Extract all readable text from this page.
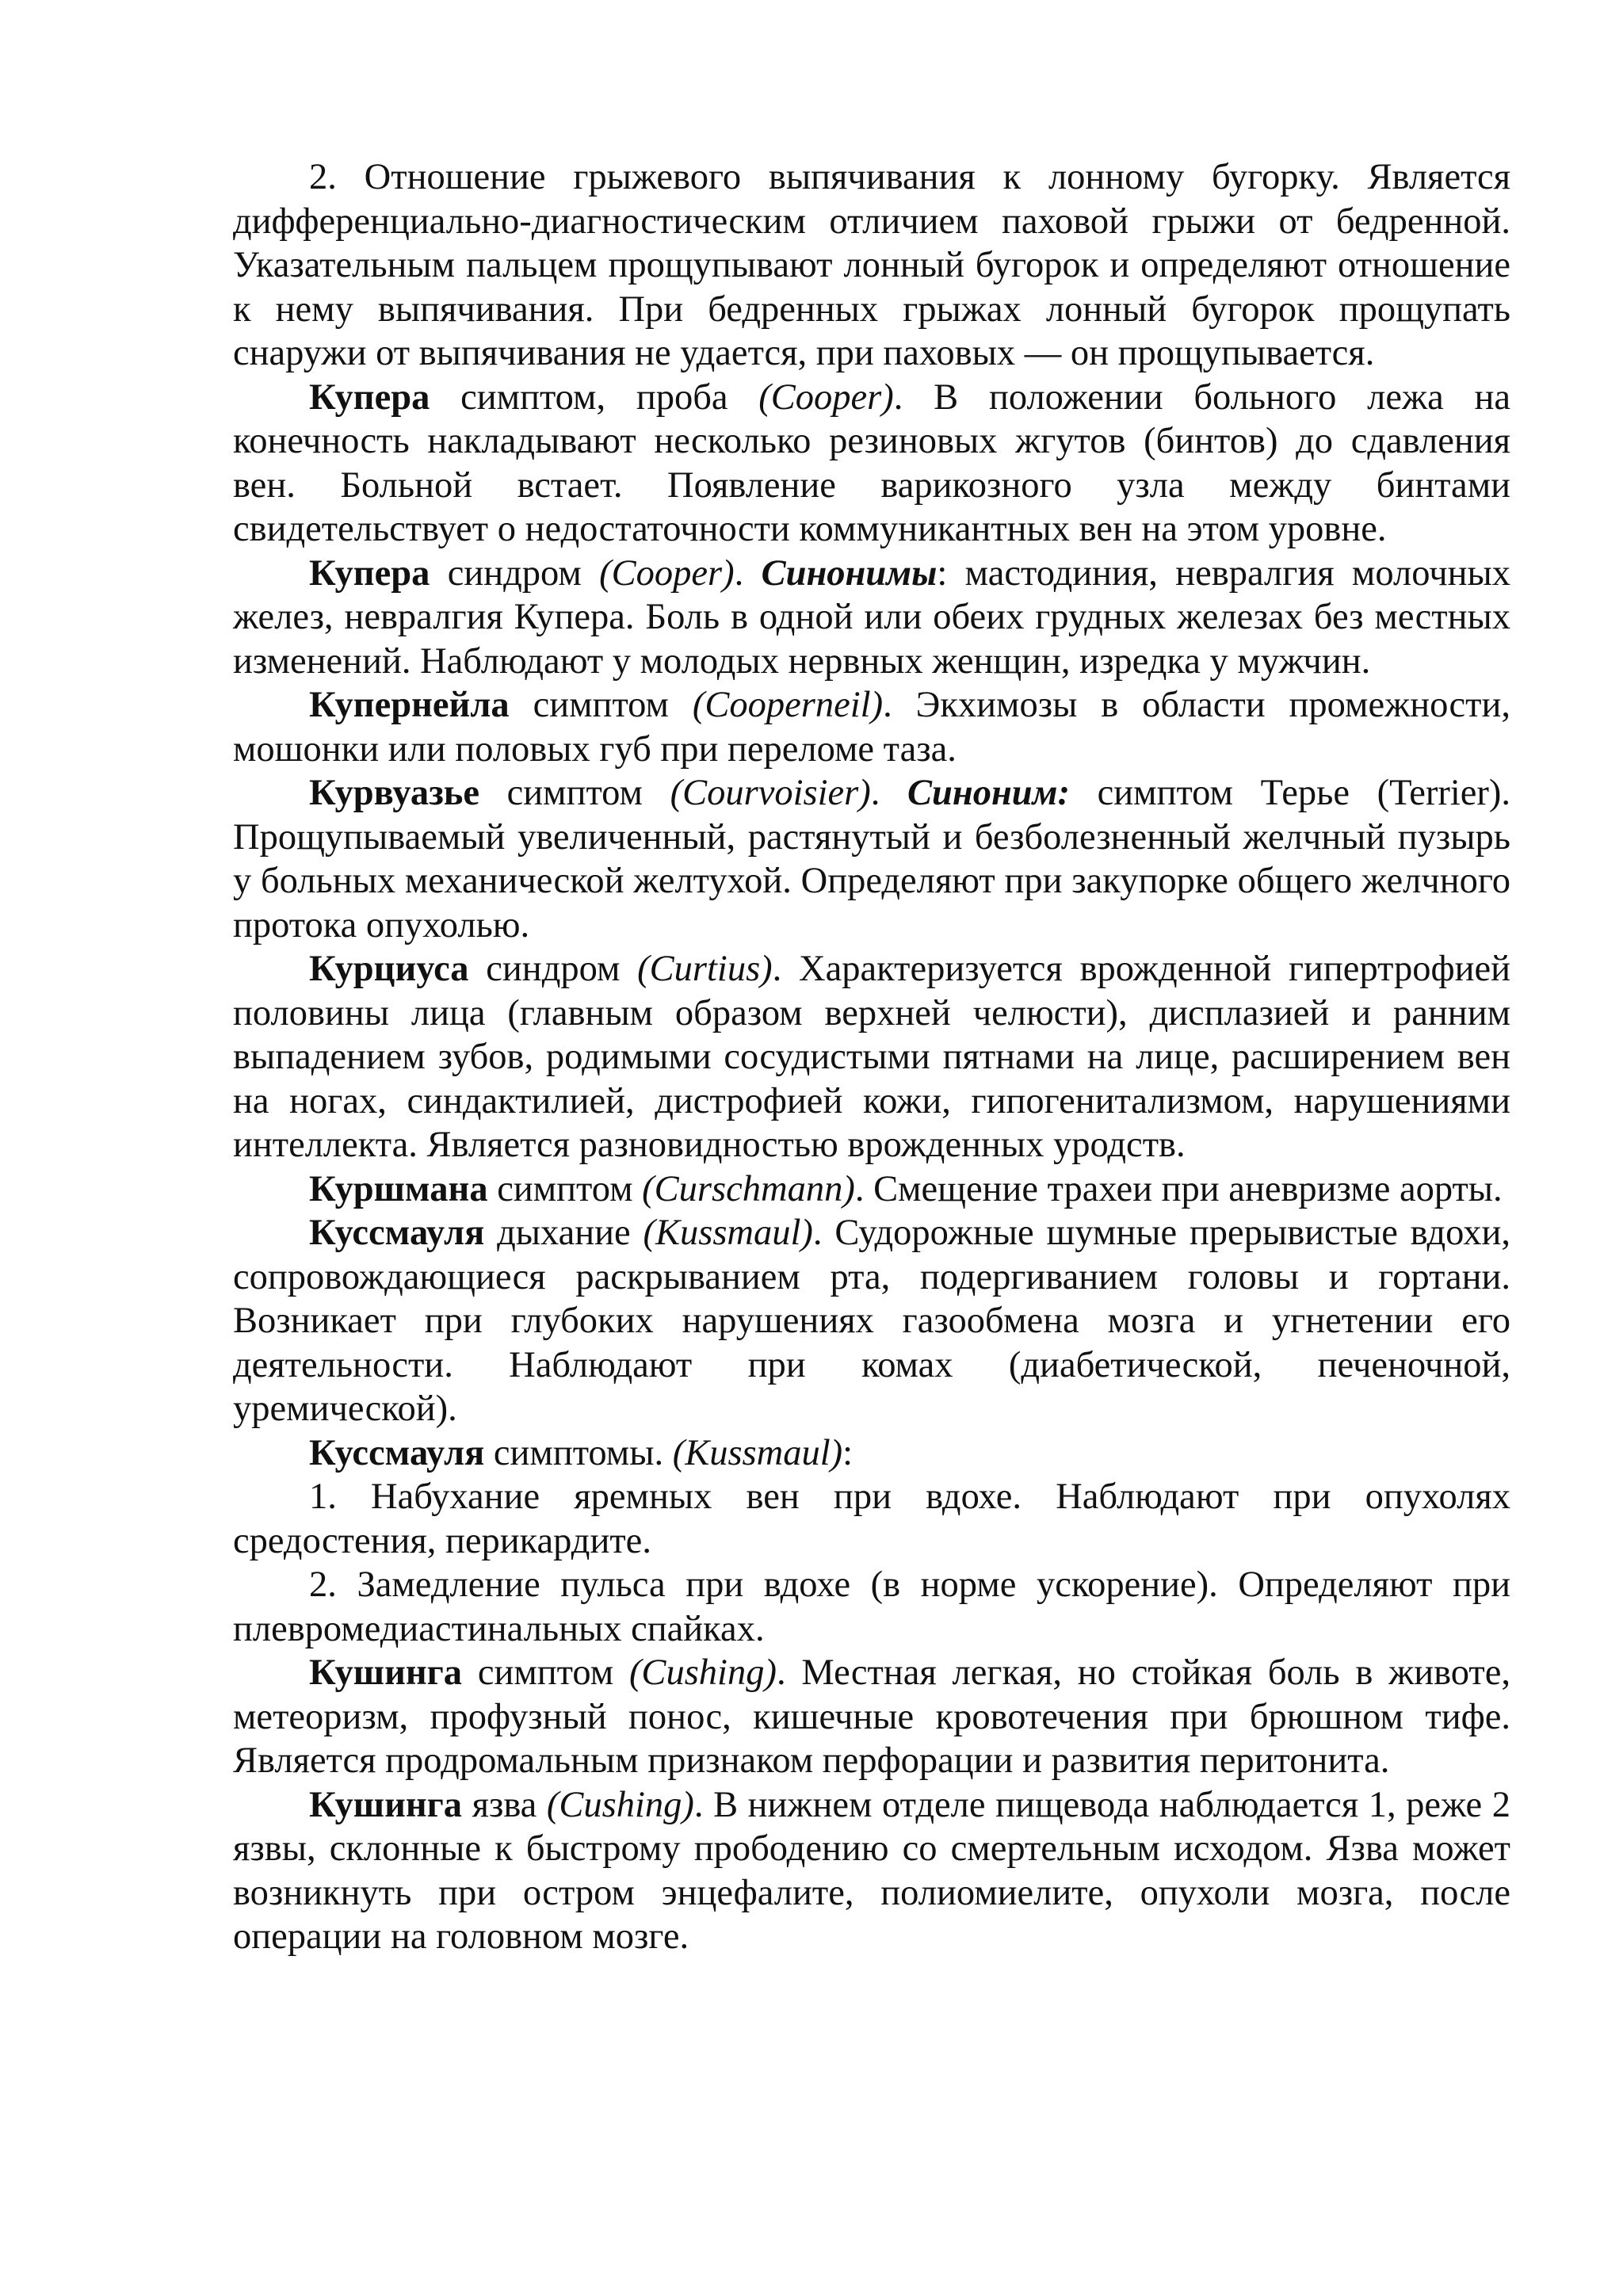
2. Отношение грыжевого выпячивания к лонному бугорку. Является дифференциально-диагностическим отличием паховой грыжи от бедренной. Указательным пальцем прощупывают лонный бугорок и определяют отношение к нему выпячивания. При бедренных грыжах лонный бугорок прощупать снаружи от выпячивания не удается, при паховых — он прощупывается.

Купера симптом, проба (Cooper). В положении больного лежа на конечность накладывают несколько резиновых жгутов (бинтов) до сдавления вен. Больной встает. Появление варикозного узла между бинтами свидетельствует о недостаточности коммуникантных вен на этом уровне.

Купера синдром (Cooper). Синонимы: мастодиния, невралгия молочных желез, невралгия Купера. Боль в одной или обеих грудных железах без местных изменений. Наблюдают у молодых нервных женщин, изредка у мужчин.

Купернейла симптом (Cooperneil). Экхимозы в области промежности, мошонки или половых губ при переломе таза.

Курвуазье симптом (Courvoisier). Синоним: симптом Терье (Terrier). Прощупываемый увеличенный, растянутый и безболезненный желчный пузырь у больных механической желтухой. Определяют при закупорке общего желчного протока опухолью.

Курциуса синдром (Curtius). Характеризуется врожденной гипертрофией половины лица (главным образом верхней челюсти), дисплазией и ранним выпадением зубов, родимыми сосудистыми пятнами на лице, расширением вен на ногах, синдактилией, дистрофией кожи, гипогенитализмом, нарушениями интеллекта. Является разновидностью врожденных уродств.

Куршмана симптом (Curschmann). Смещение трахеи при аневризме аорты.

Куссмауля дыхание (Kussmaul). Судорожные шумные прерывистые вдохи, сопровождающиеся раскрыванием рта, подергиванием головы и гортани. Возникает при глубоких нарушениях газообмена мозга и угнетении его деятельности. Наблюдают при комах (диабетической, печеночной, уремической).

Куссмауля симптомы. (Kussmaul):

1. Набухание яремных вен при вдохе. Наблюдают при опухолях средостения, перикардите.

2. Замедление пульса при вдохе (в норме ускорение). Определяют при плевромедиастинальных спайках.

Кушинга симптом (Cushing). Местная легкая, но стойкая боль в животе, метеоризм, профузный понос, кишечные кровотечения при брюшном тифе. Является продромальным признаком перфорации и развития перитонита.

Кушинга язва (Cushing). В нижнем отделе пищевода наблюдается 1, реже 2 язвы, склонные к быстрому прободению со смертельным исходом. Язва может возникнуть при остром энцефалите, полиомиелите, опухоли мозга, после операции на головном мозге.
